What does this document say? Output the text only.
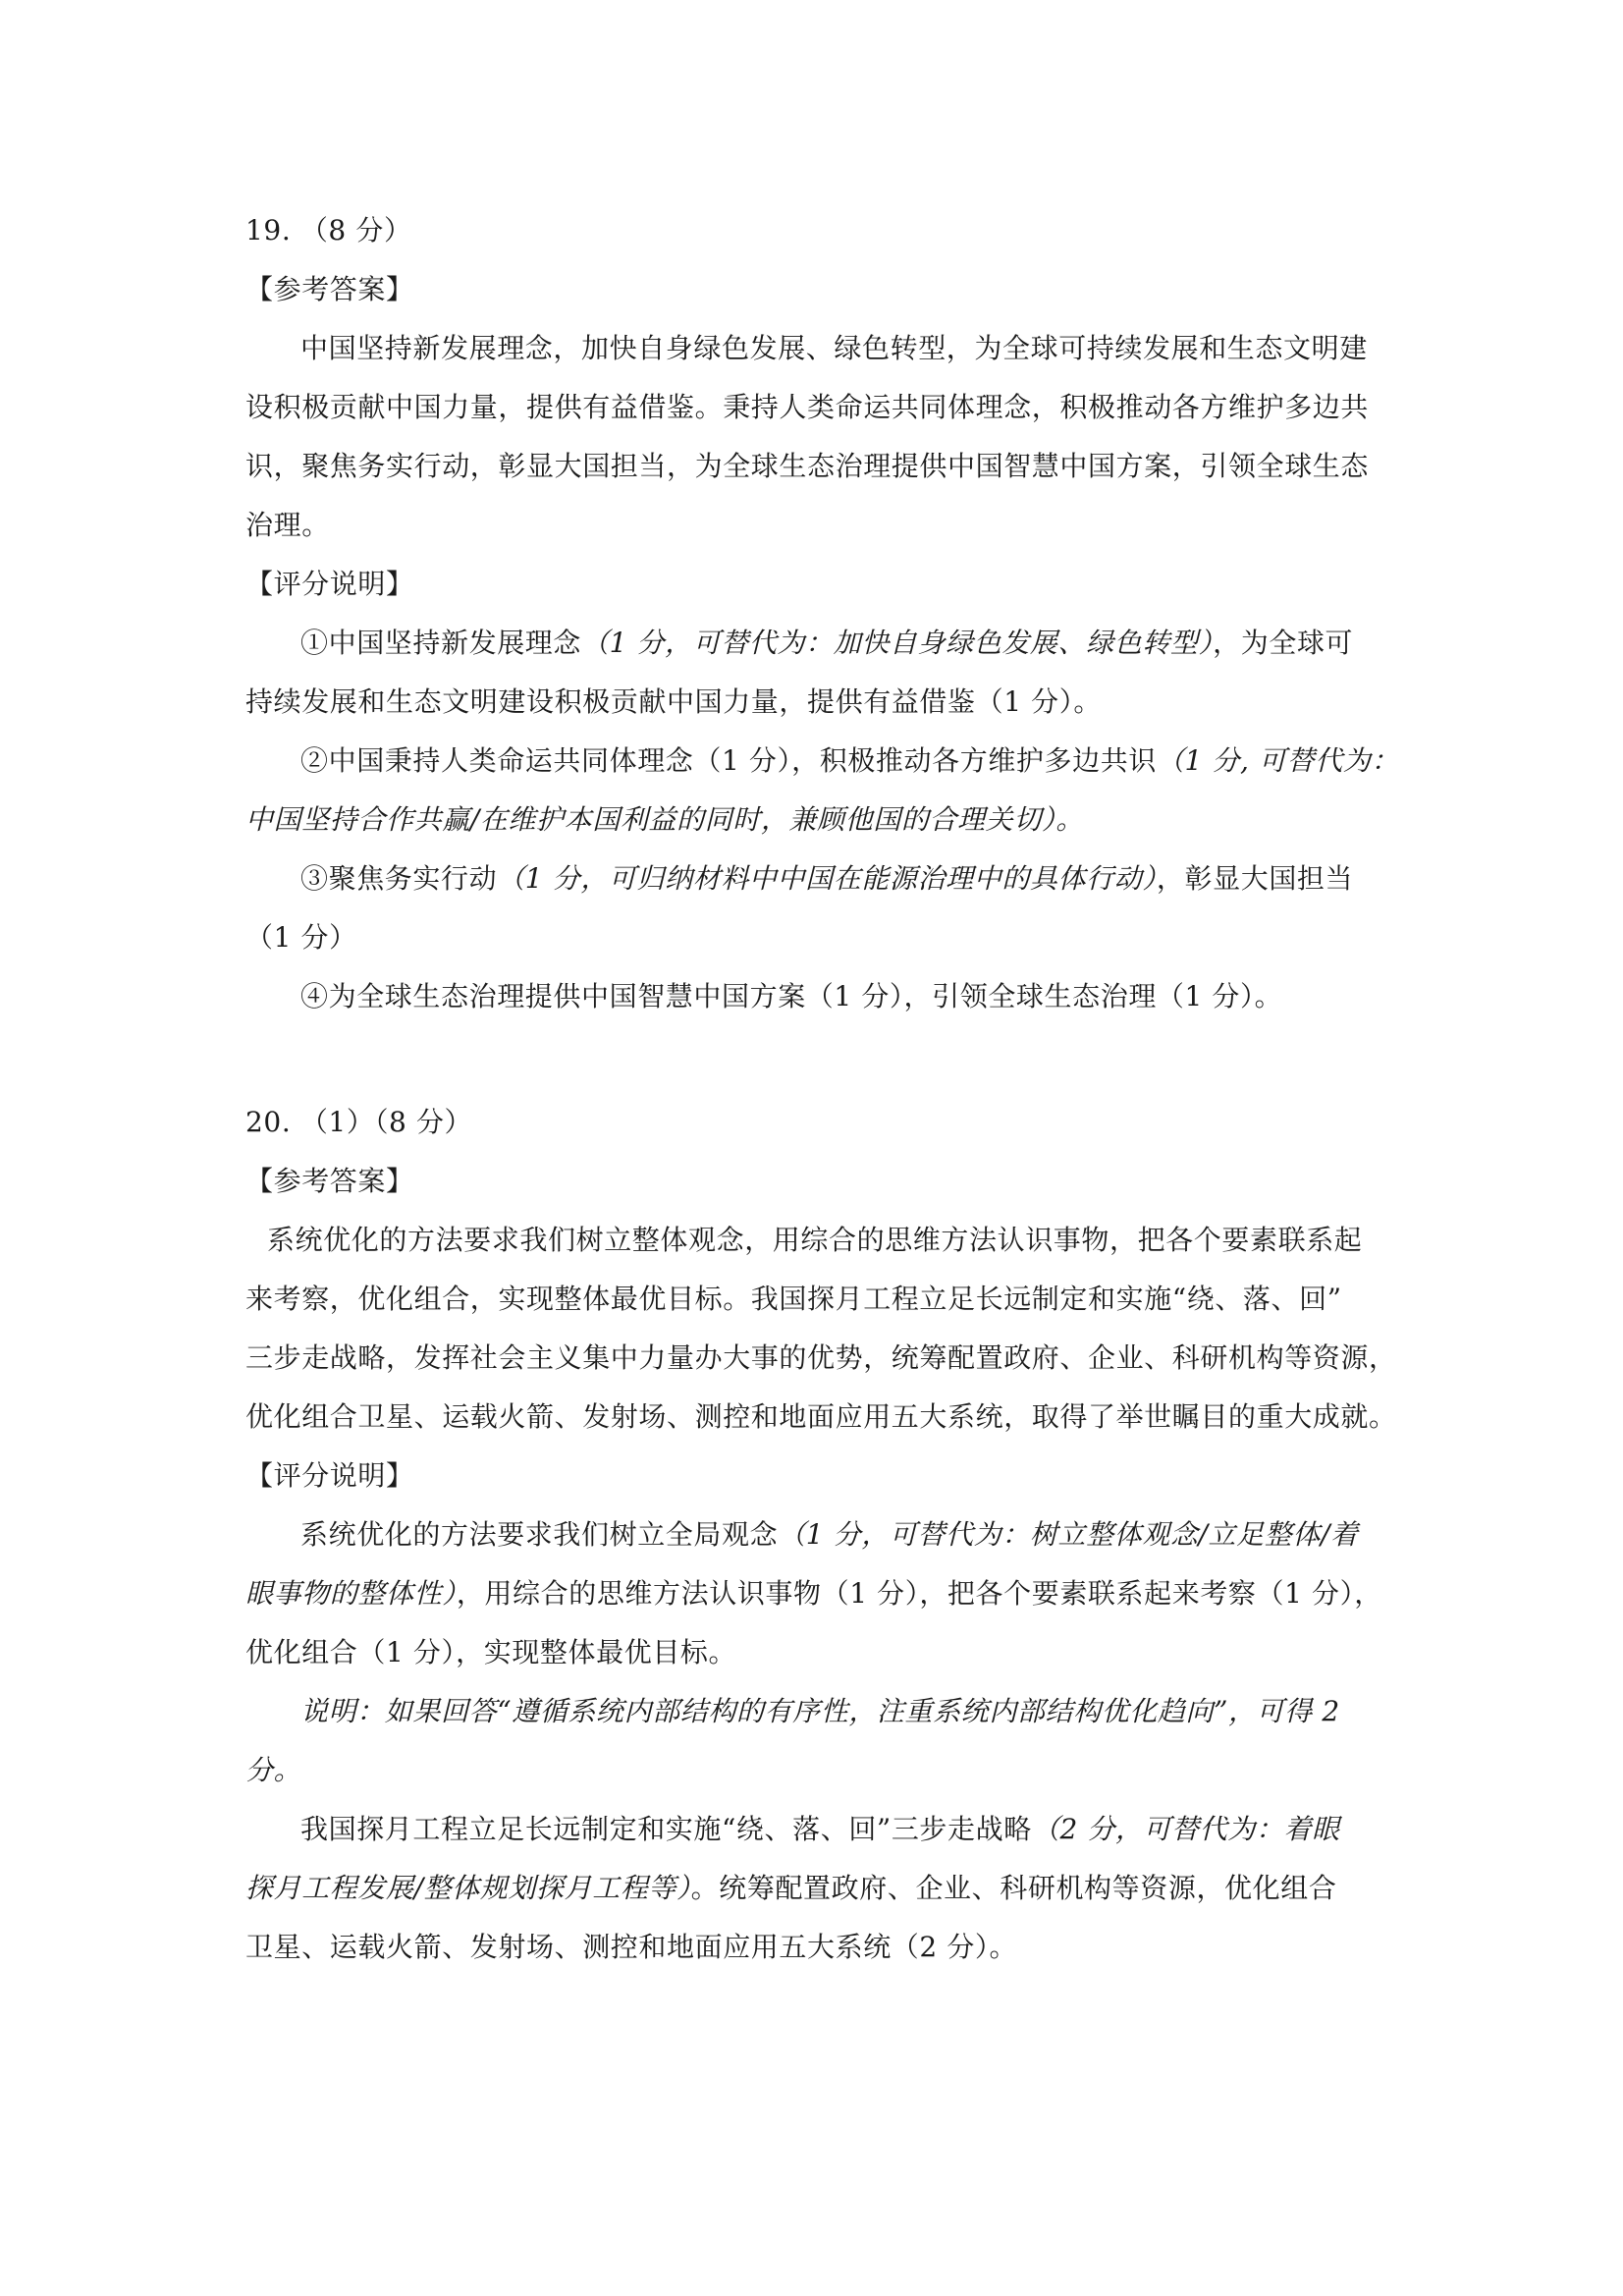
19. （8 分）
【参考答案】
中国坚持新发展理念，加快自身绿色发展、绿色转型，为全球可持续发展和生态文明建
设积极贡献中国力量，提供有益借鉴。秉持人类命运共同体理念，积极推动各方维护多边共
识，聚焦务实行动，彰显大国担当，为全球生态治理提供中国智慧中国方案，引领全球生态
治理。
【评分说明】
①中国坚持新发展理念（1 分，可替代为：加快自身绿色发展、绿色转型），为全球可
持续发展和生态文明建设积极贡献中国力量，提供有益借鉴（1 分）。
②中国秉持人类命运共同体理念（1 分），积极推动各方维护多边共识（1 分, 可替代为：
中国坚持合作共赢/在维护本国利益的同时，兼顾他国的合理关切）。
③聚焦务实行动（1 分，可归纳材料中中国在能源治理中的具体行动），彰显大国担当
（1 分）
④为全球生态治理提供中国智慧中国方案（1 分），引领全球生态治理（1 分）。
20. （1）（8 分）
【参考答案】
系统优化的方法要求我们树立整体观念，用综合的思维方法认识事物，把各个要素联系起
来考察，优化组合，实现整体最优目标。我国探月工程立足长远制定和实施“绕、落、回”
三步走战略，发挥社会主义集中力量办大事的优势，统筹配置政府、企业、科研机构等资源，
优化组合卫星、运载火箭、发射场、测控和地面应用五大系统，取得了举世瞩目的重大成就。
【评分说明】
系统优化的方法要求我们树立全局观念（1 分，可替代为：树立整体观念/立足整体/着
眼事物的整体性），用综合的思维方法认识事物（1 分），把各个要素联系起来考察（1 分），
优化组合（1 分），实现整体最优目标。
说明：如果回答“遵循系统内部结构的有序性，注重系统内部结构优化趋向”，可得 2
分。
我国探月工程立足长远制定和实施“绕、落、回”三步走战略（2 分，可替代为：着眼
探月工程发展/整体规划探月工程等）。统筹配置政府、企业、科研机构等资源，优化组合
卫星、运载火箭、发射场、测控和地面应用五大系统（2 分）。
